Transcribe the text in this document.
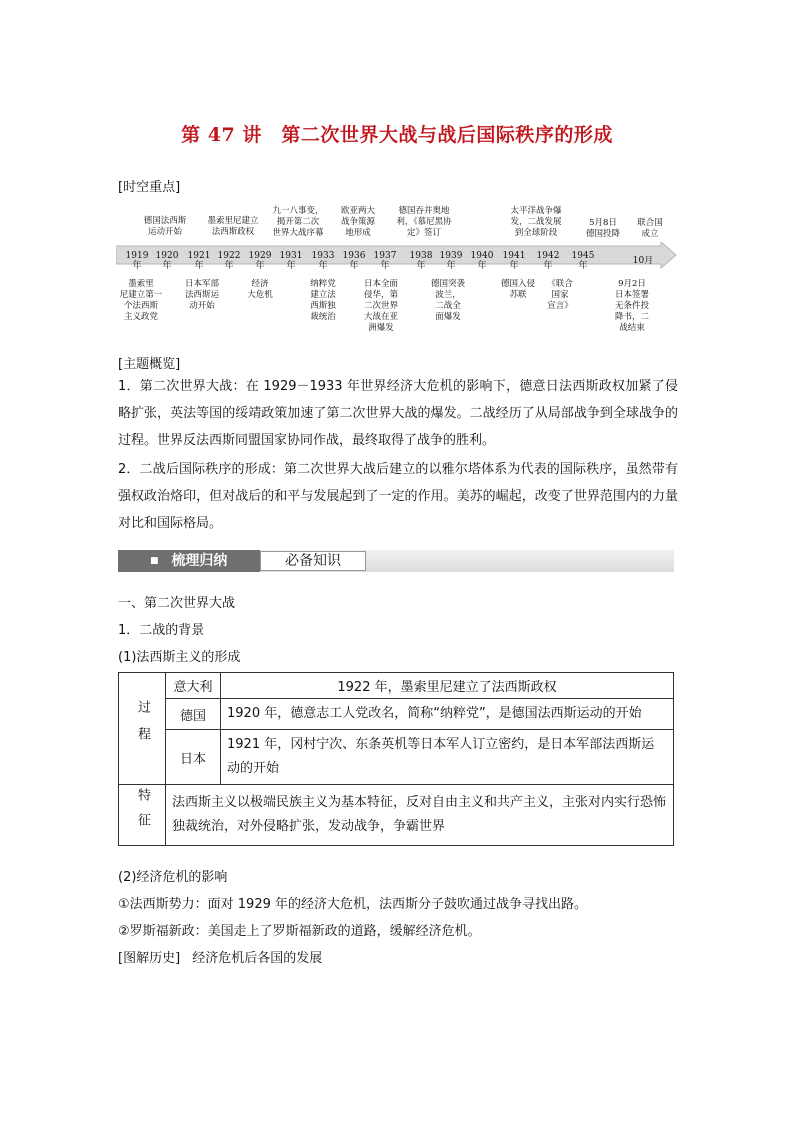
第 47 讲　第二次世界大战与战后国际秩序的形成
[时空重点]
德国法西斯
运动开始
墨索里尼建立
法西斯政权
九一八事变，
揭开第二次
世界大战序幕
欧亚两大
战争策源
地形成
德国吞并奥地
利，《慕尼黑协
定》签订
太平洋战争爆
发，二战发展
到全球阶段
5月8日
德国投降
联合国
成立
1919
年
1920
年
1921
年
1922
年
1929
年
1931
年
1933
年
1936
年
1937
年
1938
年
1939
年
1940
年
1941
年
1942
年
1945
年	10月
墨索里
尼建立第一
个法西斯
主义政党
日本军部
法西斯运
动开始
经济
大危机
纳粹党
建立法
西斯独
裁统治
日本全面
侵华，第
二次世界
大战在亚
洲爆发
德国突袭
波兰，
二战全
面爆发
德国入侵
苏联
《联合
国家
宣言》
9月2日
日本签署
无条件投
降书，二
战结束
[主题概览]
1．第二次世界大战：在 1929－1933 年世界经济大危机的影响下，德意日法西斯政权加紧了侵略扩张，英法等国的绥靖政策加速了第二次世界大战的爆发。二战经历了从局部战争到全球战争的过程。世界反法西斯同盟国家协同作战，最终取得了战争的胜利。
2．二战后国际秩序的形成：第二次世界大战后建立的以雅尔塔体系为代表的国际秩序，虽然带有强权政治烙印，但对战后的和平与发展起到了一定的作用。美苏的崛起，改变了世界范围内的力量对比和国际格局。
■ 梳理归纳	必备知识
一、第二次世界大战
1．二战的背景
(1)法西斯主义的形成
过程	意大利	1922 年，墨索里尼建立了法西斯政权
	德国	1920 年，德意志工人党改名，简称“纳粹党”，是德国法西斯运动的开始
	日本	1921 年，冈村宁次、东条英机等日本军人订立密约，是日本军部法西斯运动的开始
特征	法西斯主义以极端民族主义为基本特征，反对自由主义和共产主义，主张对内实行恐怖独裁统治，对外侵略扩张，发动战争，争霸世界	
(2)经济危机的影响
①法西斯势力：面对 1929 年的经济大危机，法西斯分子鼓吹通过战争寻找出路。
②罗斯福新政：美国走上了罗斯福新政的道路，缓解经济危机。
[图解历史] 经济危机后各国的发展
